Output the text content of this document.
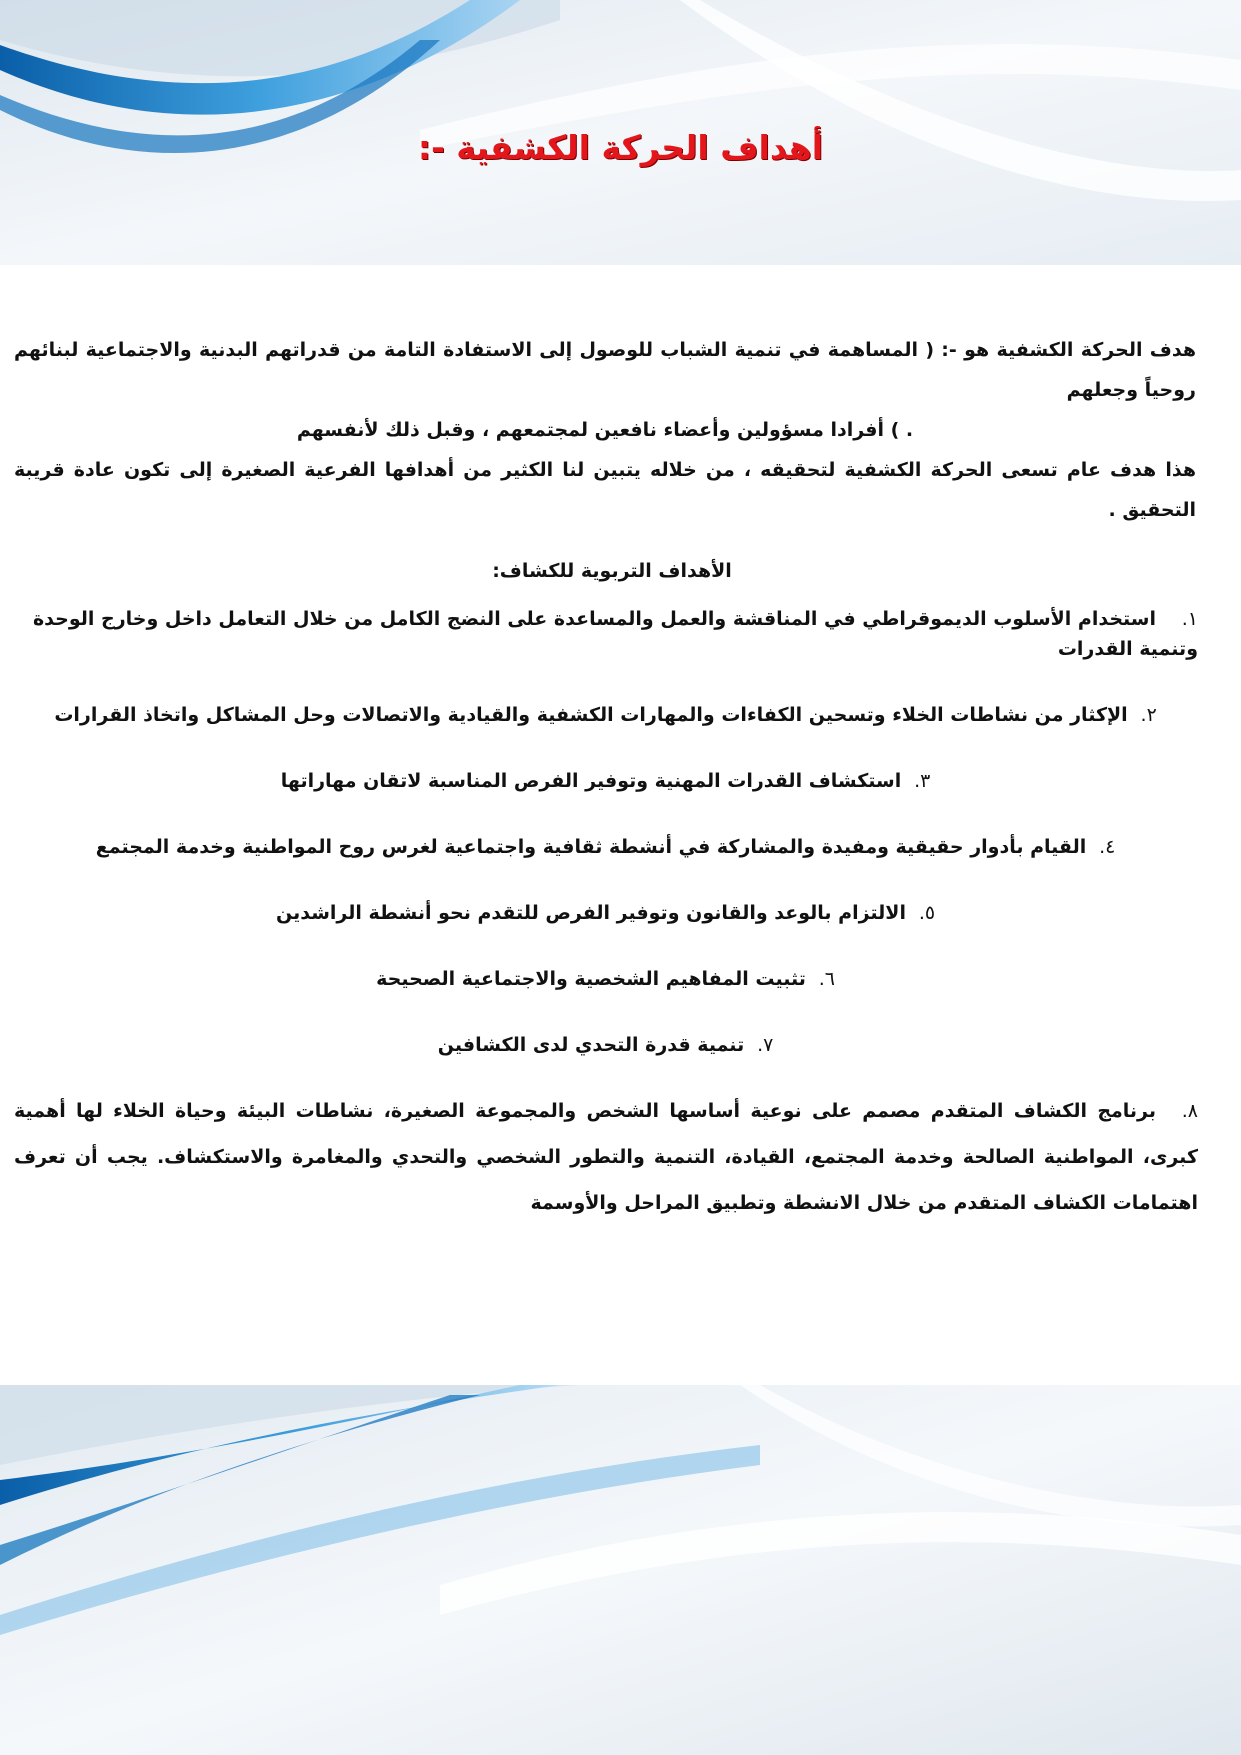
أهداف الحركة الكشفية -:

هدف الحركة الكشفية هو -: ( المساهمة في تنمية الشباب للوصول إلى الاستفادة التامة من قدراتهم البدنية والاجتماعية لبنائهم روحياً وجعلهم

. ) أفرادا مسؤولين وأعضاء نافعين لمجتمعهم ، وقبل ذلك لأنفسهم

هذا هدف عام تسعى الحركة الكشفية لتحقيقه ، من خلاله يتبين لنا الكثير من أهدافها الفرعية الصغيرة إلى تكون عادة قريبة التحقيق .

الأهداف التربوية للكشاف:
١.استخدام الأسلوب الديموقراطي في المناقشة والعمل والمساعدة على النضج الكامل من خلال التعامل داخل وخارج الوحدة وتنمية القدرات
٢.الإكثار من نشاطات الخلاء وتسحين الكفاءات والمهارات الكشفية والقيادية والاتصالات وحل المشاكل واتخاذ القرارات
٣.استكشاف القدرات المهنية وتوفير الفرص المناسبة لاتقان مهاراتها
٤.القيام بأدوار حقيقية ومفيدة والمشاركة في أنشطة ثقافية واجتماعية لغرس روح المواطنية وخدمة المجتمع
٥.الالتزام بالوعد والقانون وتوفير الفرص للتقدم نحو أنشطة الراشدين
٦.تثبيت المفاهيم الشخصية والاجتماعية الصحيحة
٧.تنمية قدرة التحدي لدى الكشافين
٨.برنامج الكشاف المتقدم مصمم على نوعية أساسها الشخص والمجموعة الصغيرة، نشاطات البيئة وحياة الخلاء لها أهمية كبرى، المواطنية الصالحة وخدمة المجتمع، القيادة، التنمية والتطور الشخصي والتحدي والمغامرة والاستكشاف. يجب أن تعرف اهتمامات الكشاف المتقدم من خلال الانشطة وتطبيق المراحل والأوسمة
